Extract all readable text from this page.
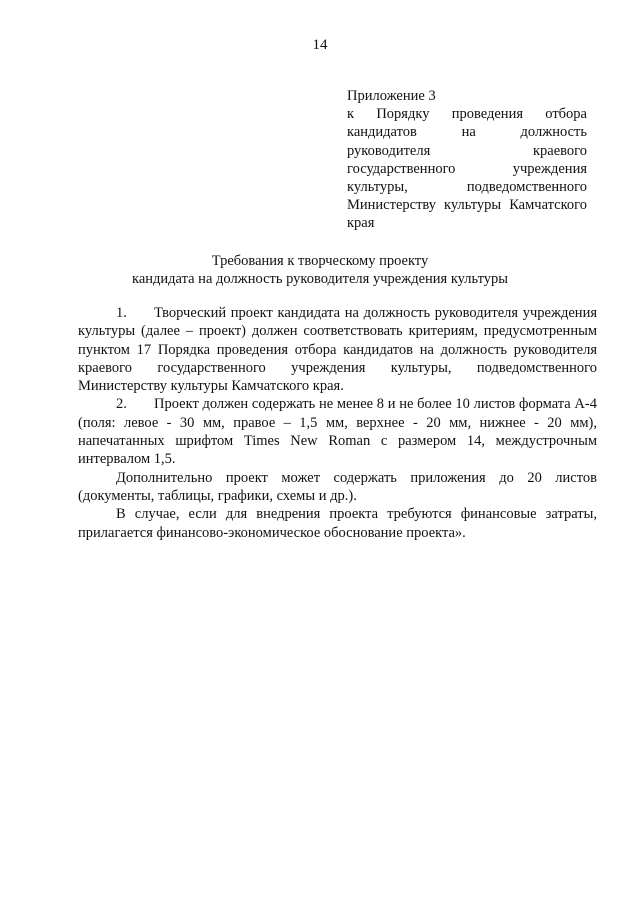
14
Приложение 3
к Порядку проведения отбора кандидатов на должность руководителя краевого государственного учреждения культуры, подведомственного Министерству культуры Камчатского края
Требования к творческому проекту
кандидата на должность руководителя учреждения культуры

1. Творческий проект кандидата на должность руководителя учреждения культуры (далее – проект) должен соответствовать критериям, предусмотренным пунктом 17 Порядка проведения отбора кандидатов на должность руководителя краевого государственного учреждения культуры, подведомственного Министерству культуры Камчатского края.

2. Проект должен содержать не менее 8 и не более 10 листов формата А-4 (поля: левое - 30 мм, правое – 1,5 мм, верхнее - 20 мм, нижнее - 20 мм), напечатанных шрифтом Times New Roman с размером 14, междустрочным интервалом 1,5.

Дополнительно проект может содержать приложения до 20 листов (документы, таблицы, графики, схемы и др.).

В случае, если для внедрения проекта требуются финансовые затраты, прилагается финансово-экономическое обоснование проекта».
